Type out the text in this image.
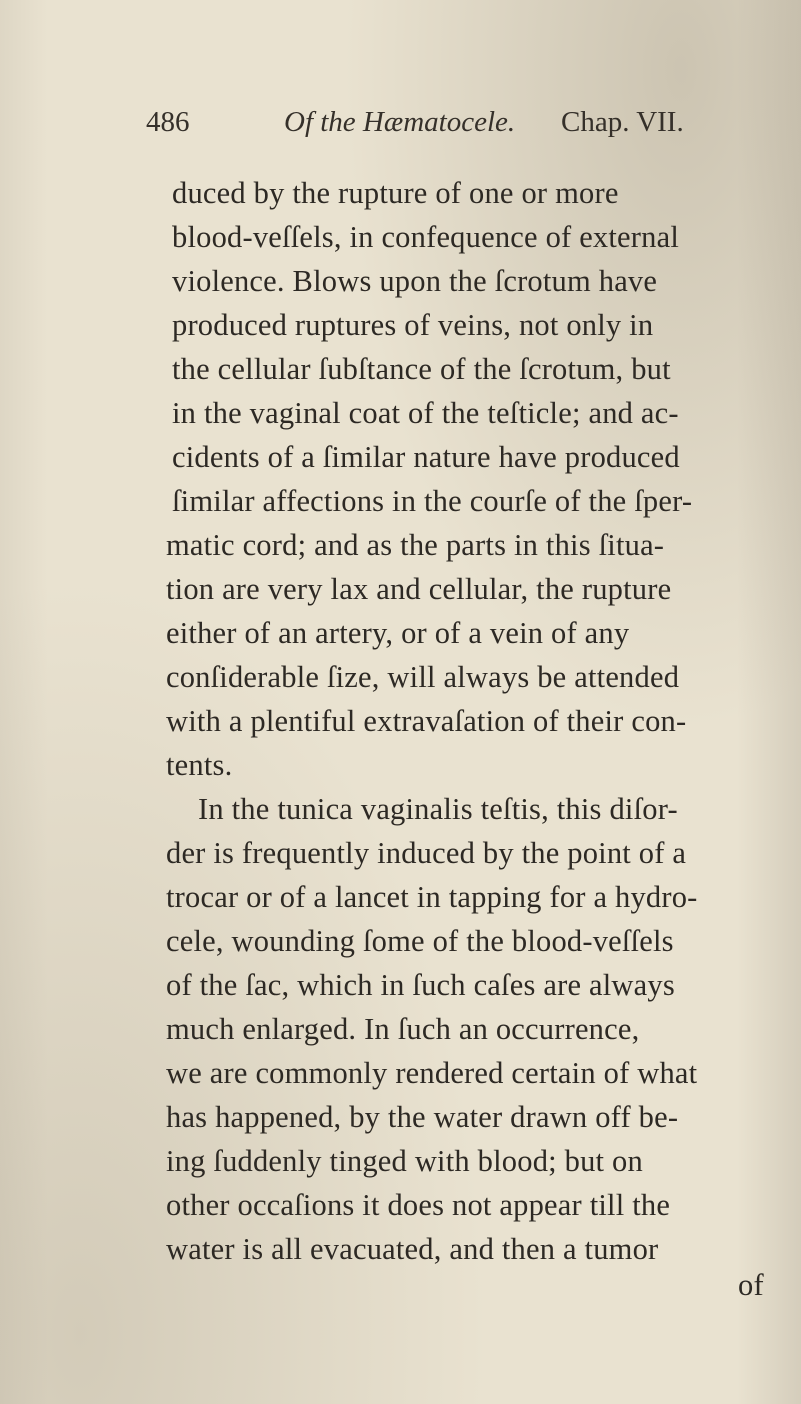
486	Of the Hæmatocele. Chap. VII.
duced by the rupture of one or more
blood-veſſels, in confequence of external
violence. Blows upon the ſcrotum have
produced ruptures of veins, not only in
the cellular ſubſtance of the ſcrotum, but
in the vaginal coat of the teſticle; and ac-
cidents of a ſimilar nature have produced
ſimilar affections in the courſe of the ſper-
matic cord; and as the parts in this ſitua-
tion are very lax and cellular, the rupture
either of an artery, or of a vein of any
conſiderable ſize, will always be attended
with a plentiful extravaſation of their con-
tents.
In the tunica vaginalis teſtis, this diſor-
der is frequently induced by the point of a
trocar or of a lancet in tapping for a hydro-
cele, wounding ſome of the blood-veſſels
of the ſac, which in ſuch caſes are always
much enlarged. In ſuch an occurrence,
we are commonly rendered certain of what
has happened, by the water drawn off be-
ing ſuddenly tinged with blood; but on
other occaſions it does not appear till the
water is all evacuated, and then a tumor
of
